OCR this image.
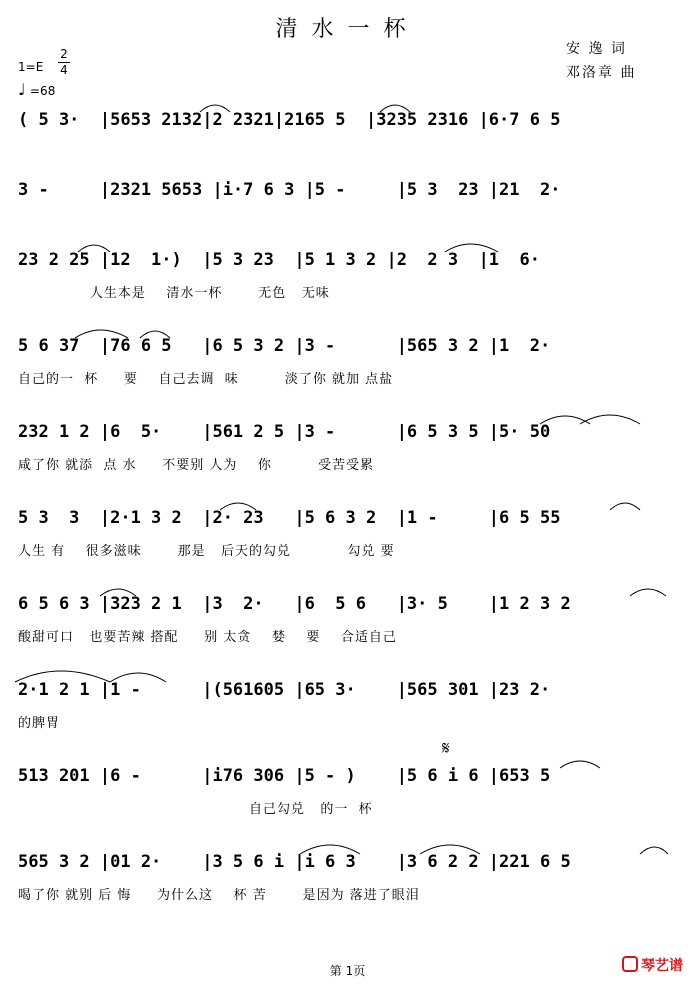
清水一杯
安 逸 词
邓洛章 曲
1=E
2
4
♩ =68
( 5 3·  |5653 2132|2 2321|2165 5  |3235 2316 |6·7 6 5
3 -     |2321 5653 |i·7 6 3 |5 -     |5 3  23 |21  2·
23 2 25 |12  1·)  |5 3 23  |5 1 3 2 |2  2 3  |1  6·
人生本是    清水一杯       无色   无味
5 6 37  |76 6 5   |6 5 3 2 |3 -      |565 3 2 |1  2·
自己的一  杯     要    自己去调  味         淡了你 就加 点盐
232 1 2 |6  5·    |561 2 5 |3 -      |6 5 3 5 |5· 50
咸了你 就添  点 水     不要别 人为    你         受苦受累
5 3  3  |2·1 3 2  |2· 23   |5 6 3 2  |1 -     |6 5 55
人生 有    很多滋味       那是   后天的勾兑           勾兑 要
6 5 6 3 |323 2 1  |3  2·   |6  5 6   |3· 5    |1 2 3 2
酸甜可口   也要苦辣 搭配     别 太贪    婪    要    合适自己
2·1 2 1 |1 -      |(561605 |65 3·    |565 301 |23 2·
的脾胃
𝄋
513 201 |6 -      |i76 306 |5 - )    |5 6 i 6 |653 5
自己勾兑   的一  杯
565 3 2 |01 2·    |3 5 6 i |i 6 3    |3 6 2 2 |221 6 5
喝了你 就别 后 悔     为什么这    杯 苦       是因为 落进了眼泪
第 1页	琴艺谱
